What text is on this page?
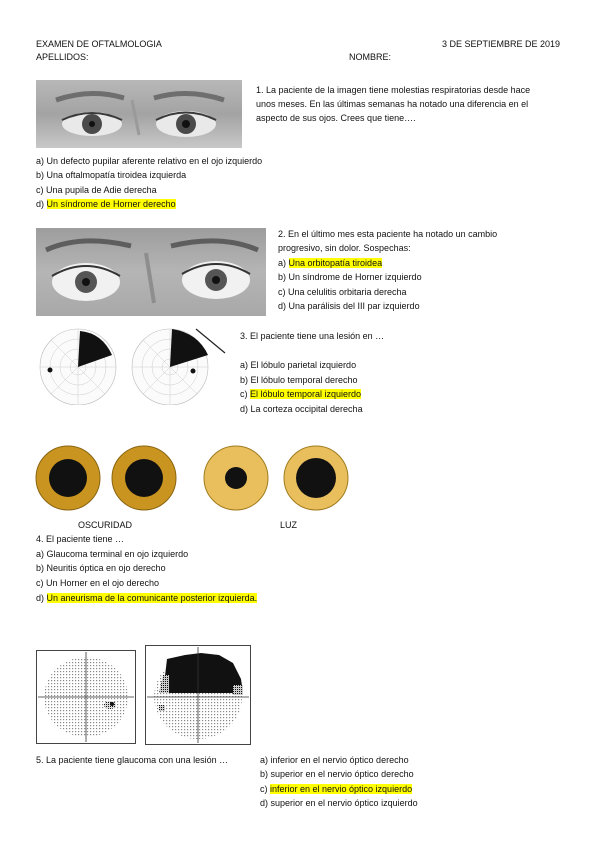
EXAMEN DE OFTALMOLOGIA	3 DE SEPTIEMBRE DE 2019
APELLIDOS:	NOMBRE:
1. La paciente de la imagen tiene molestias respiratorias desde hace
unos meses. En las últimas semanas ha notado una diferencia en el
aspecto de sus ojos. Crees que tiene….
a) Un defecto pupilar aferente relativo en el ojo izquierdo
b) Una oftalmopatía tiroidea izquierda
c) Una pupila de Adie derecha
d) Un síndrome de Horner derecho
2. En el último mes esta paciente ha notado un cambio
progresivo, sin dolor. Sospechas:
a) Una orbitopatía tiroidea
b) Un síndrome de Horner izquierdo
c) Una celulitis orbitaria derecha
d) Una parálisis del III par izquierdo
3. El paciente tiene una lesión en …
a) El lóbulo parietal izquierdo
b) El lóbulo temporal derecho
c) El lóbulo temporal izquierdo
d) La corteza occipital derecha
OSCURIDAD	LUZ
4. El paciente tiene …
a) Glaucoma terminal en ojo izquierdo
b) Neuritis óptica en ojo derecho
c) Un Horner en el ojo derecho
d) Un aneurisma de la comunicante posterior izquierda.
5. La paciente tiene glaucoma con una lesión …	a) inferior en el nervio óptico derecho
b) superior en el nervio óptico derecho
c) inferior en el nervio óptico izquierdo
d) superior en el nervio óptico izquierdo
